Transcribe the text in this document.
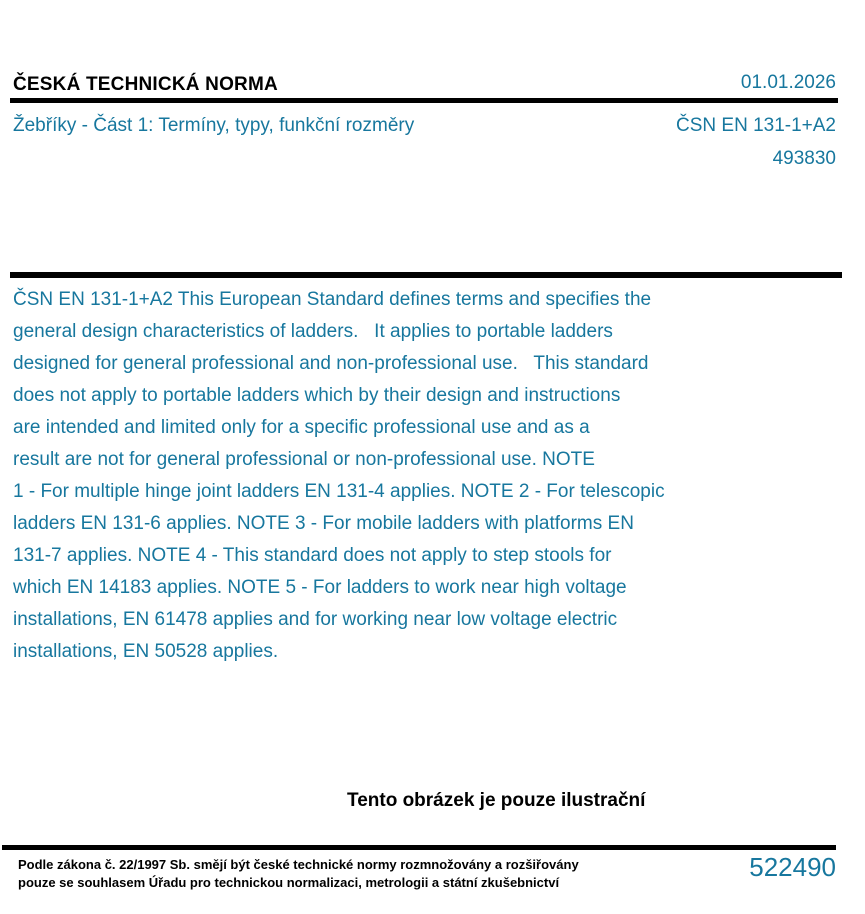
ČESKÁ TECHNICKÁ NORMA	01.01.2026
Žebříky - Část 1: Termíny, typy, funkční rozměry	ČSN EN 131-1+A2
493830
ČSN EN 131-1+A2 This European Standard defines terms and specifies the
general design characteristics of ladders.   It applies to portable ladders
designed for general professional and non-professional use.   This standard
does not apply to portable ladders which by their design and instructions
are intended and limited only for a specific professional use and as a
result are not for general professional or non-professional use. NOTE
1 - For multiple hinge joint ladders EN 131-4 applies. NOTE 2 - For telescopic
ladders EN 131-6 applies. NOTE 3 - For mobile ladders with platforms EN
131-7 applies. NOTE 4 - This standard does not apply to step stools for
which EN 14183 applies. NOTE 5 - For ladders to work near high voltage
installations, EN 61478 applies and for working near low voltage electric
installations, EN 50528 applies.
Tento obrázek je pouze ilustrační
Podle zákona č. 22/1997 Sb. smějí být české technické normy rozmnožovány a rozšiřovány
pouze se souhlasem Úřadu pro technickou normalizaci, metrologii a státní zkušebnictví
522490
